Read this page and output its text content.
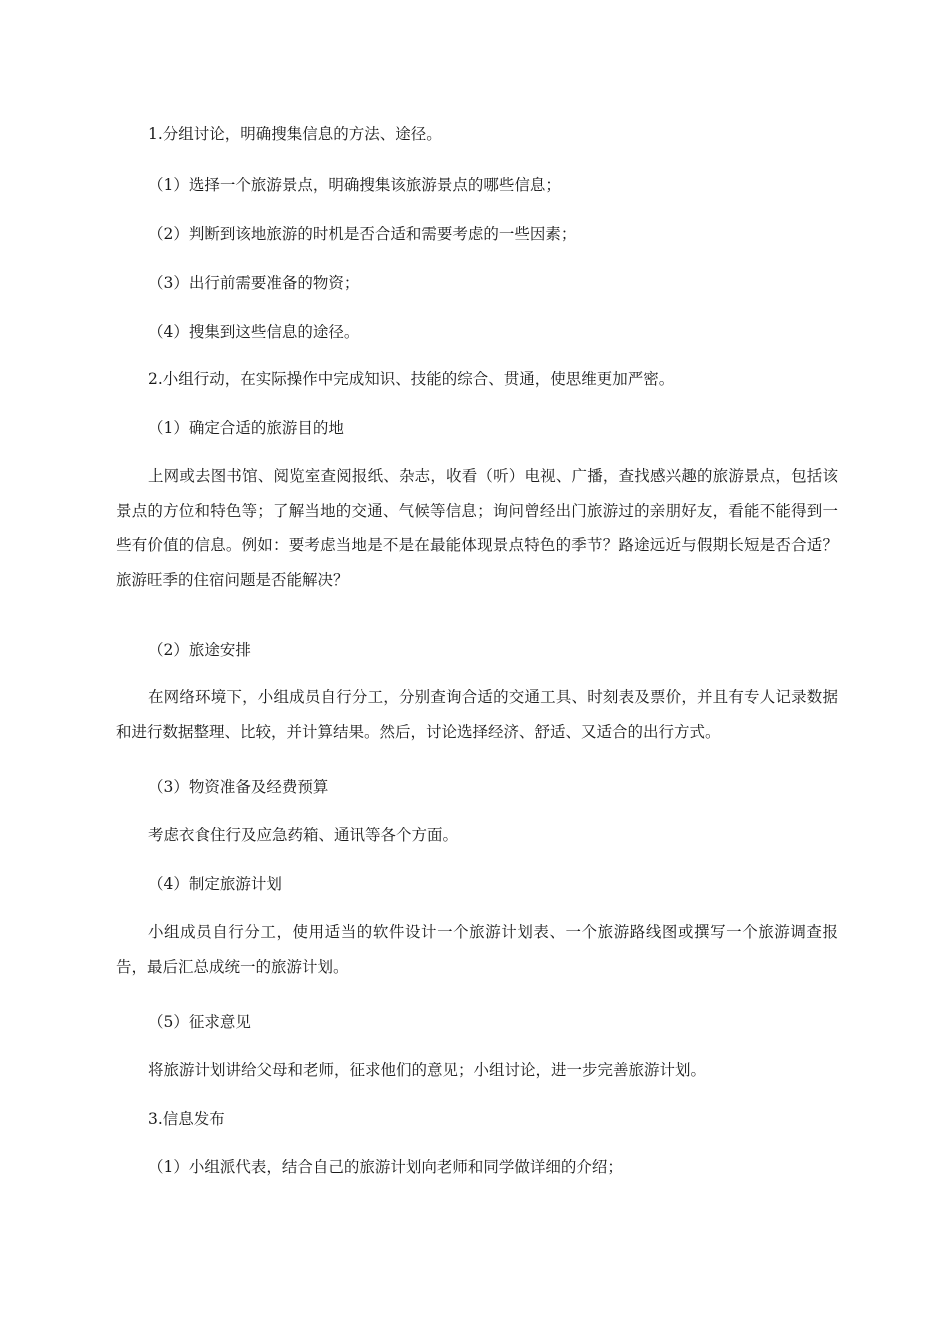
1.分组讨论，明确搜集信息的方法、途径。
（1）选择一个旅游景点，明确搜集该旅游景点的哪些信息；
（2）判断到该地旅游的时机是否合适和需要考虑的一些因素；
（3）出行前需要准备的物资；
（4）搜集到这些信息的途径。
2.小组行动，在实际操作中完成知识、技能的综合、贯通，使思维更加严密。
（1）确定合适的旅游目的地
上网或去图书馆、阅览室查阅报纸、杂志，收看（听）电视、广播，查找感兴趣的旅游景点，包括该景点的方位和特色等；了解当地的交通、气候等信息；询问曾经出门旅游过的亲朋好友，看能不能得到一些有价值的信息。例如：要考虑当地是不是在最能体现景点特色的季节？路途远近与假期长短是否合适？旅游旺季的住宿问题是否能解决？
（2）旅途安排
在网络环境下，小组成员自行分工，分别查询合适的交通工具、时刻表及票价，并且有专人记录数据和进行数据整理、比较，并计算结果。然后，讨论选择经济、舒适、又适合的出行方式。
（3）物资准备及经费预算
考虑衣食住行及应急药箱、通讯等各个方面。
（4）制定旅游计划
小组成员自行分工，使用适当的软件设计一个旅游计划表、一个旅游路线图或撰写一个旅游调查报告，最后汇总成统一的旅游计划。
（5）征求意见
将旅游计划讲给父母和老师，征求他们的意见；小组讨论，进一步完善旅游计划。
3.信息发布
（1）小组派代表，结合自己的旅游计划向老师和同学做详细的介绍；
